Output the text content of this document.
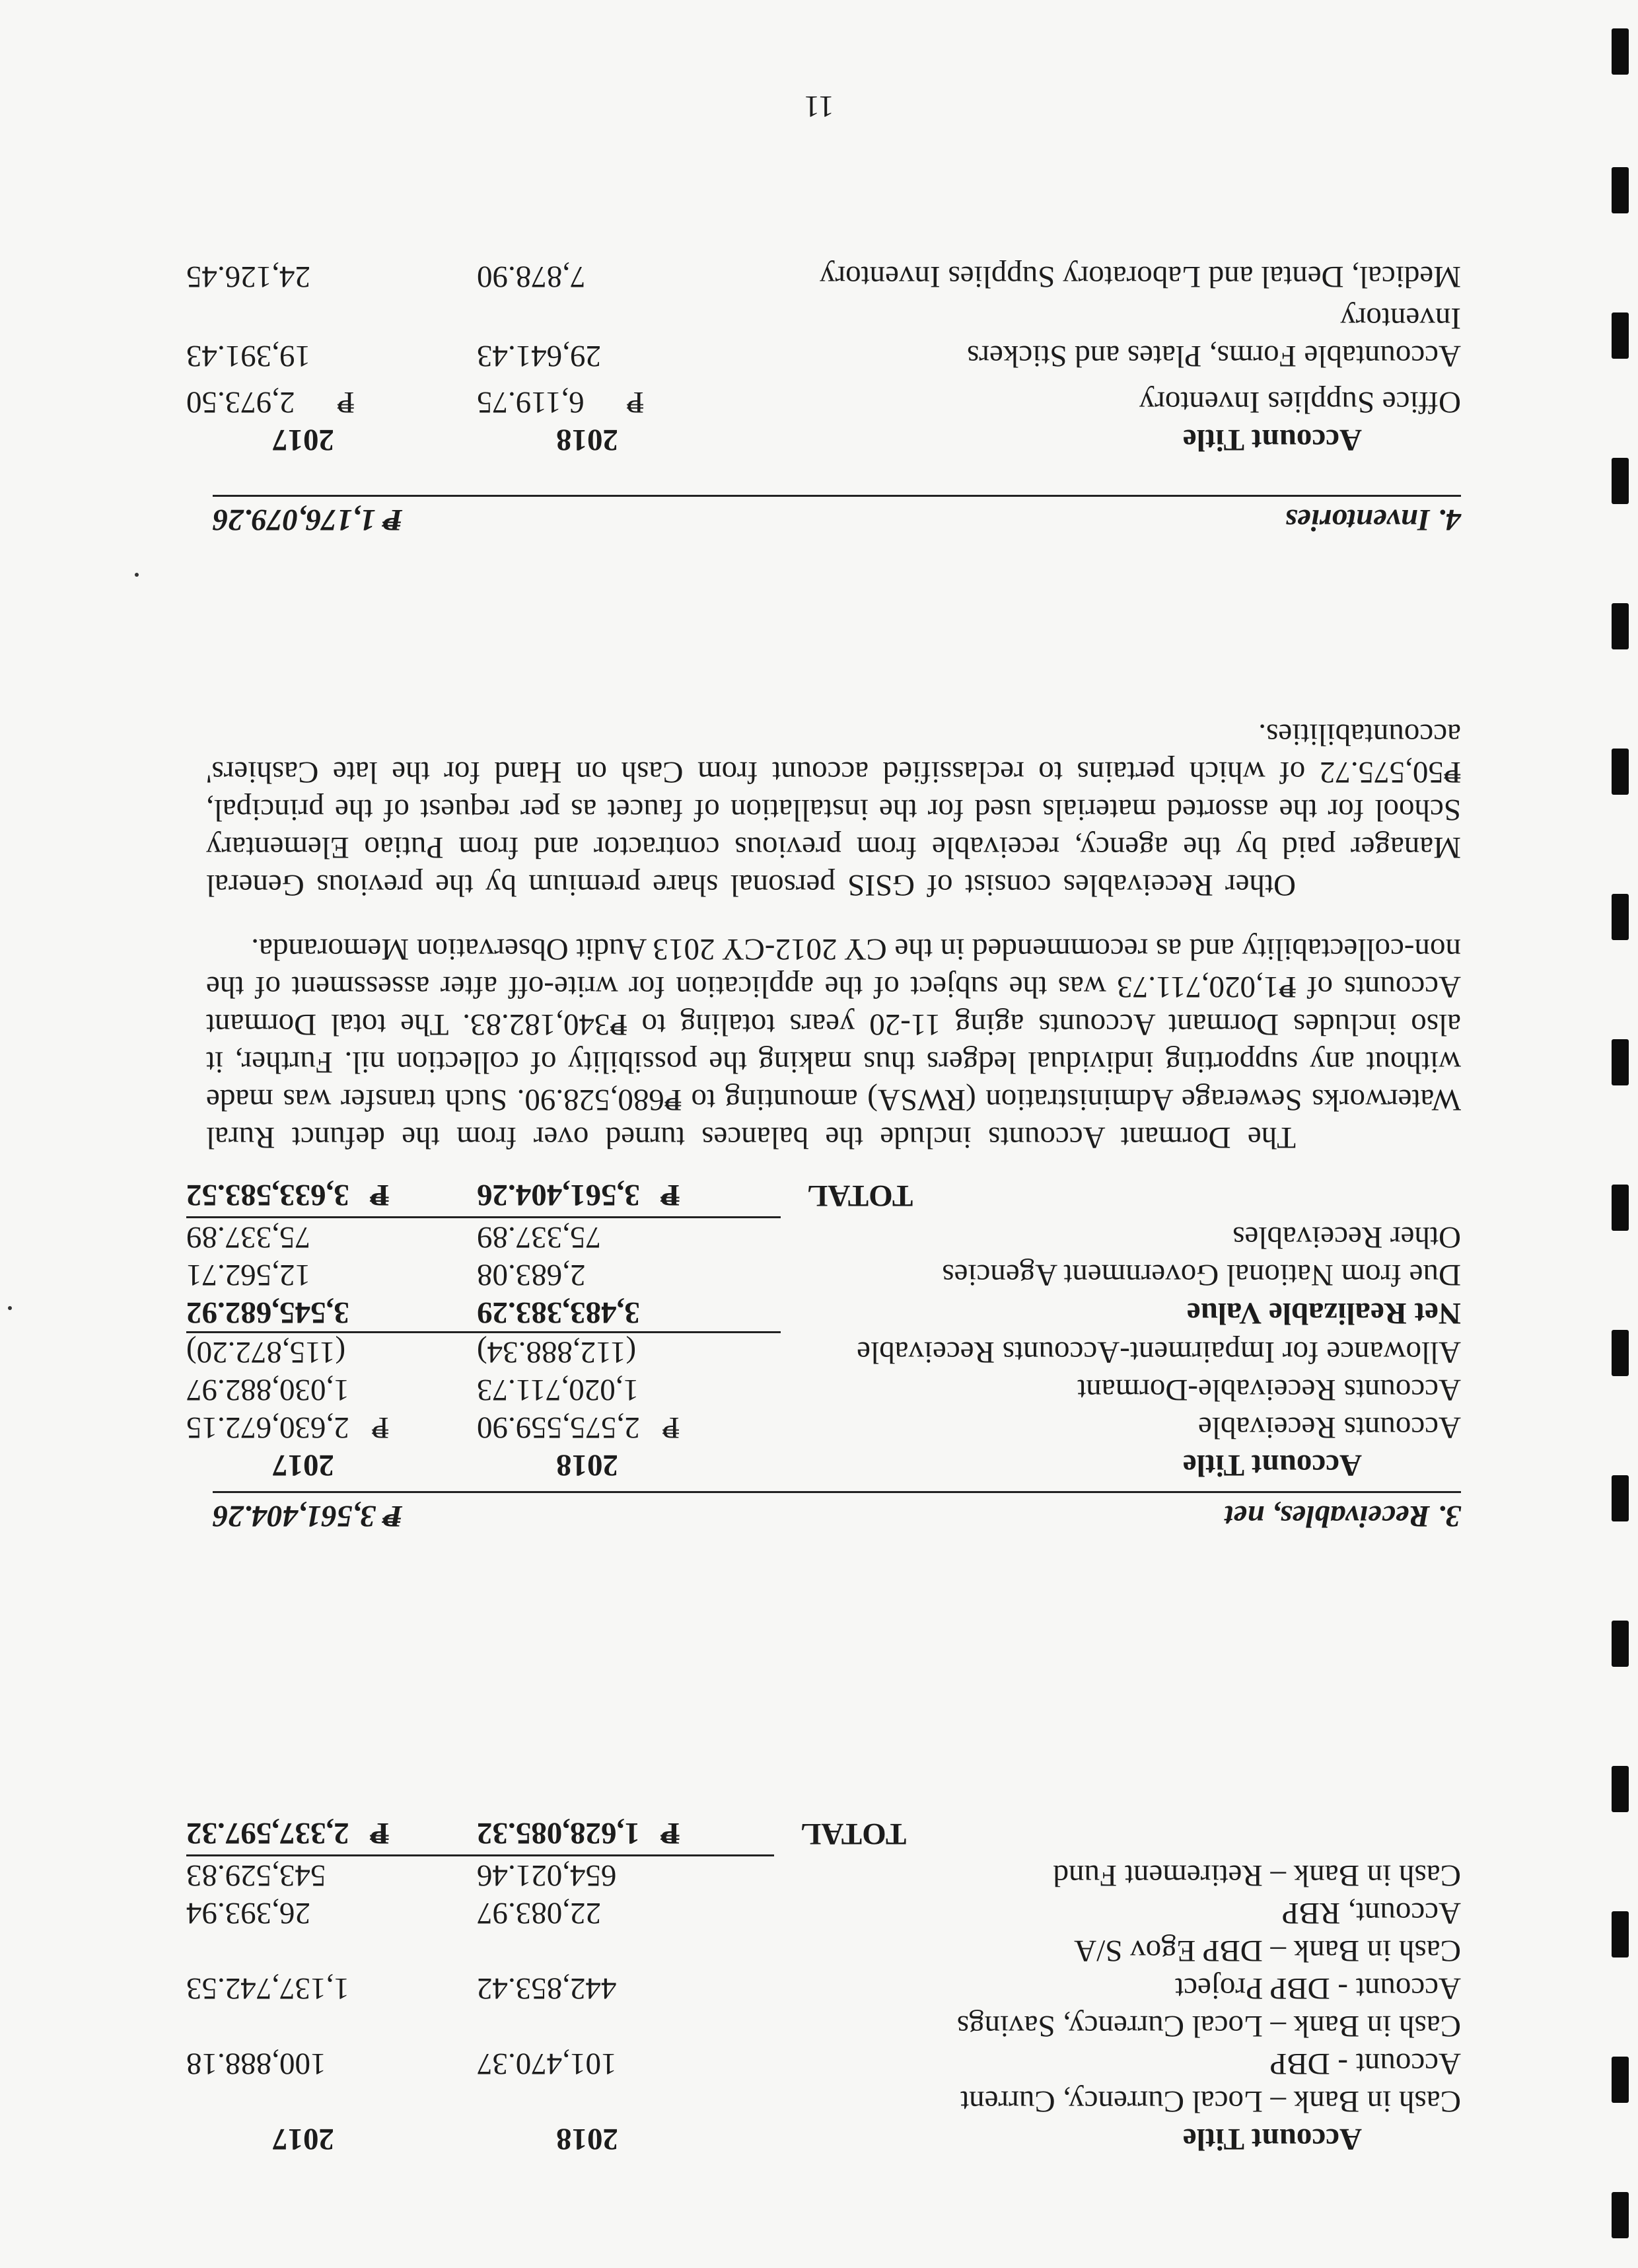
Account Title	2018	2017
Cash in Bank – Local Currency, Current Account - DBP	101,470.37	100,888.18
Cash in Bank – Local Currency, Savings Account - DBP Project	442,853.42	1,137,742.53
Cash in Bank – DBP Egov S/A Account, RBP	22,083.97	26,393.94
Cash in Bank – Retirement Fund	654,021.46	543,529.83
TOTAL	₱1,628,085.32	₱2,337,597.32
3. Receivables, net
₱ 3,561,404.26
Account Title	2018	2017
Accounts Receivable	₱2,575,559.90	₱2,630,672.15
Accounts Receivable-Dormant	1,020,711.73	1,030,882.97
Allowance for Impairment-Accounts Receivable	(112,888.34)	(115,872.20)
Net Realizable Value	3,483,383.29	3,545,682.92
Due from National Government Agencies	2,683.08	12,562.71
Other Receivables	75,337.89	75,337.89
TOTAL	₱3,561,404.26	₱3,633,583.52

The Dormant Accounts include the balances turned over from the defunct Rural Waterworks Sewerage Administration (RWSA) amounting to ₱680,528.90. Such transfer was made without any supporting individual ledgers thus making the possibility of collection nil. Further, it also includes Dormant Accounts aging 11-20 years totaling to ₱340,182.83. The total Dormant Accounts of ₱1,020,711.73 was the subject of the application for write-off after assessment of the non-collectability and as recommended in the CY 2012-CY 2013 Audit Observation Memoranda.

Other Receivables consist of GSIS personal share premium by the previous General Manager paid by the agency, receivable from previous contractor and from Putiao Elementary School for the assorted materials used for the installation of faucet as per request of the principal, ₱50,575.72 of which pertains to reclassified account from Cash on Hand for the late Cashiers' accountabilities.

4. Inventories
₱ 1,176,079.26
Account Title	2018	2017
Office Supplies Inventory	₱6,119.75	₱2,973.50
Accountable Forms, Plates and Stickers Inventory	29,641.43	19,391.43
Medical, Dental and Laboratory Supplies Inventory	7,878.90	24,126.45
11
